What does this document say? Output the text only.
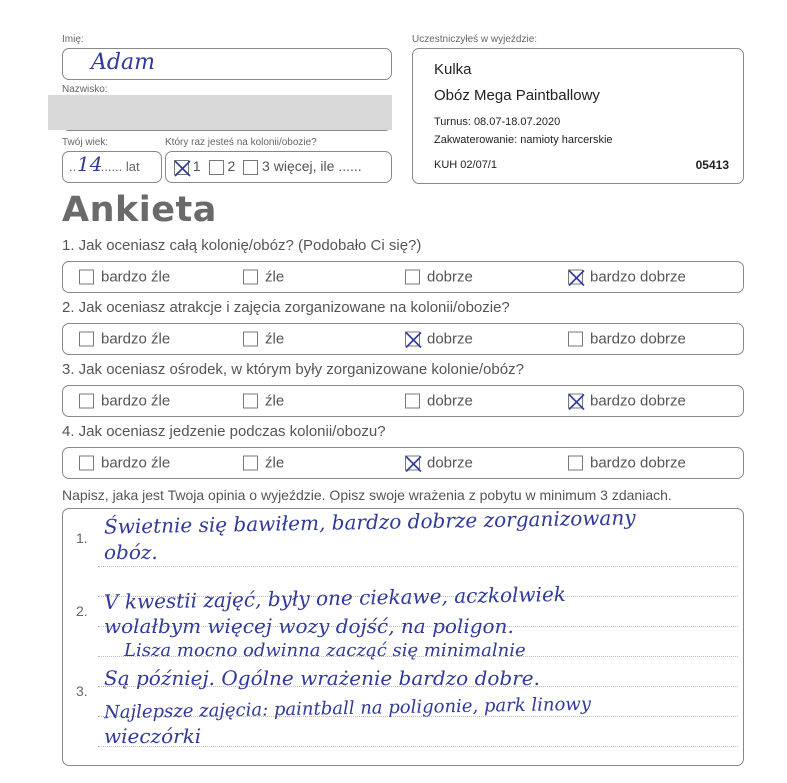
Imię:
Adam
Nazwisko:
Twój wiek:	Który raz jesteś na kolonii/obozie?
.. 14
....... lat	1 2 3 więcej, ile ......
Uczestniczyłeś w wyjeździe:
Kulka
Obóz Mega Paintballowy
Turnus: 08.07-18.07.2020
Zakwaterowanie: namioty harcerskie
KUH 02/07/1	05413
Ankieta
1. Jak oceniasz całą kolonię/obóz? (Podobało Ci się?)
bardzo źle	źle	dobrze	bardzo dobrze
2. Jak oceniasz atrakcje i zajęcia zorganizowane na kolonii/obozie?
bardzo źle	źle	dobrze	bardzo dobrze
3. Jak oceniasz ośrodek, w którym były zorganizowane kolonie/obóz?
bardzo źle	źle	dobrze	bardzo dobrze
4. Jak oceniasz jedzenie podczas kolonii/obozu?
bardzo źle	źle	dobrze	bardzo dobrze
Napisz, jaka jest Twoja opinia o wyjeździe. Opisz swoje wrażenia z pobytu w minimum 3 zdaniach.
1.
2.
3.
Świetnie się bawiłem, bardzo dobrze zorganizowany
obóz.
V kwestii zajęć, były one ciekawe, aczkolwiek
wolałbym więcej wozy dojść, na poligon.
Lisza mocno odwinna zacząć się minimalnie
Są później. Ogólne wrażenie bardzo dobre.
Najlepsze zajęcia: paintball na poligonie, park linowy
wieczórki
